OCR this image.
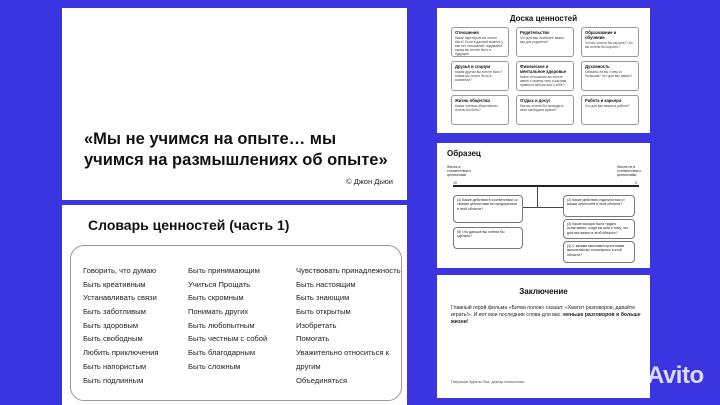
«Мы не учимся на опыте… мы учимся на размышлениях об опыте»
© Джон Дьюи
Словарь ценностей (часть 1)
Говорить, что думаю
Быть креативным
Устанавливать связи
Быть заботливым
Быть здоровым
Быть свободным
Любить приключения
Быть напористым
Быть подлинным
Быть принимающим
Учиться Прощать
Быть скромным
Понимать других
Быть любопытным
Быть честным с собой
Быть благодарным
Быть сложным
Чувствовать принадлежность
Быть настоящим
Быть знающим
Быть открытым
Изобретать
Помогать
Уважительно относиться к
другим
Объединяться
Доска ценностей
Отношения
Какие партнером вы хотите быть? Если в данный момент у вас нет отношений, подумайте, каким вы хотите быть в будущем
Родительство
Что для вас наиболее важно, как для родителя?
Образование и обучение
Что вы хотели бы изучить? Что вы хотели бы изучить?
Друзья и социум
Каким другом вы хотите быть? Каким вы хотите быть в компании?
Физическое и ментальное здоровье
Какое отношение вы хотите иметь к своему телу и как вам нравится заботиться о себе?
Духовность
Связаны ли вы с чем-то большим? Что для вас важно?
Жизнь общества
Каким членом общества вы хотели бы быть?
Отдых и досуг
Как вы хотели бы проводить свое свободное время?
Работа и карьера
Что для вас важно в работе?
Образец
Жизнь в соответствии с ценностями
Жизнь не в соответствии с ценностями
10	0
(1) Какие действия в соответствии со своими ценностями вы предприняли в этой области?
(2) Какие действия отдалили вас от ваших ценностей в этой области?
(3) Какие эмоции были трудно испытывать, когда вы шли к тому, что для вас важно в этой области?
(5) Что дальше вы хотели бы сделать?
(4) С какими мыслями/стратегиями мышления вы столкнулись в этой области?
Заключение
Главный герой фильма «Битва полов» сказал: «Хватит разговоров, давайте играть!». И вот мои последние слова для вас: меньше разговоров и больше жизни!
Патрисия Зурита Она, доктор психологии	Avito
